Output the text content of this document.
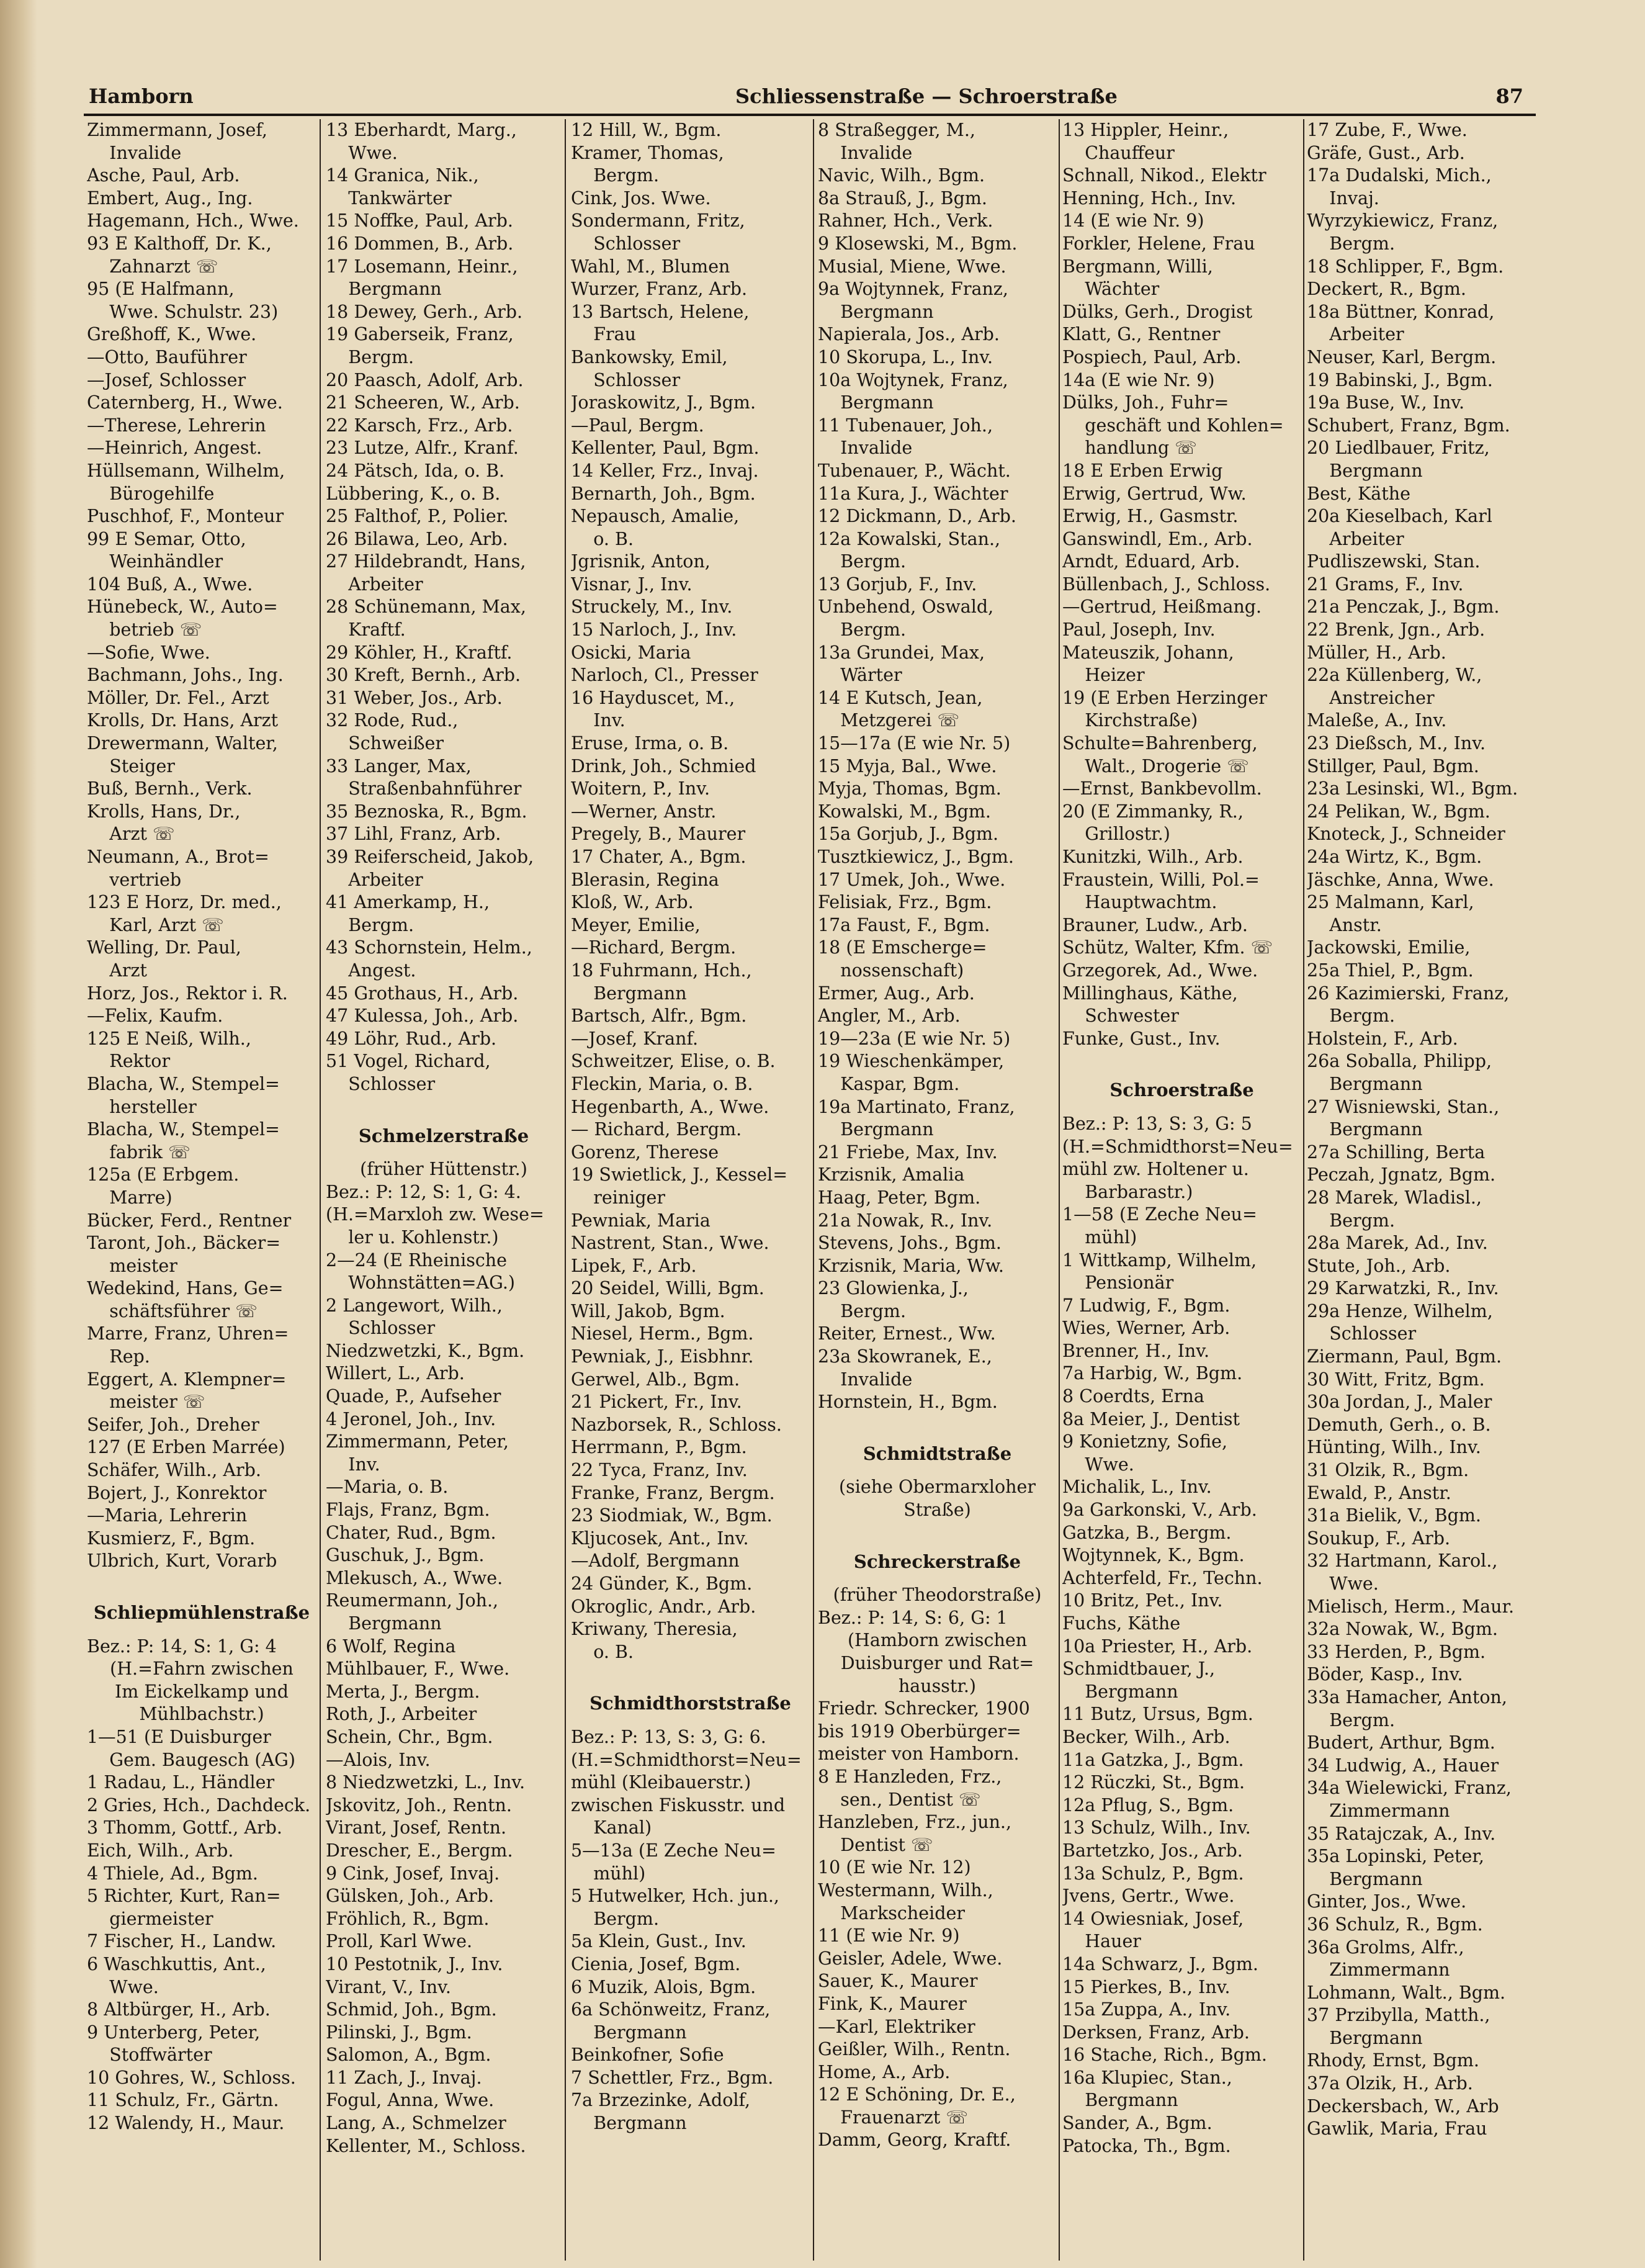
Hamborn	Schliessenstraße — Schroerstraße	87
Zimmermann, Josef,
Invalide
Asche, Paul, Arb.
Embert, Aug., Ing.
Hagemann, Hch., Wwe.
93 E Kalthoff, Dr. K.,
Zahnarzt ☏
95 (E Halfmann,
Wwe. Schulstr. 23)
Greßhoff, K., Wwe.
—Otto, Bauführer
—Josef, Schlosser
Caternberg, H., Wwe.
—Therese, Lehrerin
—Heinrich, Angest.
Hüllsemann, Wilhelm,
Bürogehilfe
Puschhof, F., Monteur
99 E Semar, Otto,
Weinhändler
104 Buß, A., Wwe.
Hünebeck, W., Auto=
betrieb ☏
—Sofie, Wwe.
Bachmann, Johs., Ing.
Möller, Dr. Fel., Arzt
Krolls, Dr. Hans, Arzt
Drewermann, Walter,
Steiger
Buß, Bernh., Verk.
Krolls, Hans, Dr.,
Arzt ☏
Neumann, A., Brot=
vertrieb
123 E Horz, Dr. med.,
Karl, Arzt ☏
Welling, Dr. Paul,
Arzt
Horz, Jos., Rektor i. R.
—Felix, Kaufm.
125 E Neiß, Wilh.,
Rektor
Blacha, W., Stempel=
hersteller
Blacha, W., Stempel=
fabrik ☏
125a (E Erbgem.
Marre)
Bücker, Ferd., Rentner
Taront, Joh., Bäcker=
meister
Wedekind, Hans, Ge=
schäftsführer ☏
Marre, Franz, Uhren=
Rep.
Eggert, A. Klempner=
meister ☏
Seifer, Joh., Dreher
127 (E Erben Marrée)
Schäfer, Wilh., Arb.
Bojert, J., Konrektor
—Maria, Lehrerin
Kusmierz, F., Bgm.
Ulbrich, Kurt, Vorarb
Schliepmühlenstraße
Bez.: P: 14, S: 1, G: 4
(H.=Fahrn zwischen
Im Eickelkamp und
Mühlbachstr.)
1—51 (E Duisburger
Gem. Baugesch (AG)
1 Radau, L., Händler
2 Gries, Hch., Dachdeck.
3 Thomm, Gottf., Arb.
Eich, Wilh., Arb.
4 Thiele, Ad., Bgm.
5 Richter, Kurt, Ran=
giermeister
7 Fischer, H., Landw.
6 Waschkuttis, Ant.,
Wwe.
8 Altbürger, H., Arb.
9 Unterberg, Peter,
Stoffwärter
10 Gohres, W., Schloss.
11 Schulz, Fr., Gärtn.
12 Walendy, H., Maur.
13 Eberhardt, Marg.,
Wwe.
14 Granica, Nik.,
Tankwärter
15 Noffke, Paul, Arb.
16 Dommen, B., Arb.
17 Losemann, Heinr.,
Bergmann
18 Dewey, Gerh., Arb.
19 Gaberseik, Franz,
Bergm.
20 Paasch, Adolf, Arb.
21 Scheeren, W., Arb.
22 Karsch, Frz., Arb.
23 Lutze, Alfr., Kranf.
24 Pätsch, Ida, o. B.
Lübbering, K., o. B.
25 Falthof, P., Polier.
26 Bilawa, Leo, Arb.
27 Hildebrandt, Hans,
Arbeiter
28 Schünemann, Max,
Kraftf.
29 Köhler, H., Kraftf.
30 Kreft, Bernh., Arb.
31 Weber, Jos., Arb.
32 Rode, Rud.,
Schweißer
33 Langer, Max,
Straßenbahnführer
35 Beznoska, R., Bgm.
37 Lihl, Franz, Arb.
39 Reiferscheid, Jakob,
Arbeiter
41 Amerkamp, H.,
Bergm.
43 Schornstein, Helm.,
Angest.
45 Grothaus, H., Arb.
47 Kulessa, Joh., Arb.
49 Löhr, Rud., Arb.
51 Vogel, Richard,
Schlosser
Schmelzerstraße
(früher Hüttenstr.)
Bez.: P: 12, S: 1, G: 4.
(H.=Marxloh zw. Wese=
ler u. Kohlenstr.)
2—24 (E Rheinische
Wohnstätten=AG.)
2 Langewort, Wilh.,
Schlosser
Niedzwetzki, K., Bgm.
Willert, L., Arb.
Quade, P., Aufseher
4 Jeronel, Joh., Inv.
Zimmermann, Peter,
Inv.
—Maria, o. B.
Flajs, Franz, Bgm.
Chater, Rud., Bgm.
Guschuk, J., Bgm.
Mlekusch, A., Wwe.
Reumermann, Joh.,
Bergmann
6 Wolf, Regina
Mühlbauer, F., Wwe.
Merta, J., Bergm.
Roth, J., Arbeiter
Schein, Chr., Bgm.
—Alois, Inv.
8 Niedzwetzki, L., Inv.
Jskovitz, Joh., Rentn.
Virant, Josef, Rentn.
Drescher, E., Bergm.
9 Cink, Josef, Invaj.
Gülsken, Joh., Arb.
Fröhlich, R., Bgm.
Proll, Karl Wwe.
10 Pestotnik, J., Inv.
Virant, V., Inv.
Schmid, Joh., Bgm.
Pilinski, J., Bgm.
Salomon, A., Bgm.
11 Zach, J., Invaj.
Fogul, Anna, Wwe.
Lang, A., Schmelzer
Kellenter, M., Schloss.
12 Hill, W., Bgm.
Kramer, Thomas,
Bergm.
Cink, Jos. Wwe.
Sondermann, Fritz,
Schlosser
Wahl, M., Blumen
Wurzer, Franz, Arb.
13 Bartsch, Helene,
Frau
Bankowsky, Emil,
Schlosser
Joraskowitz, J., Bgm.
—Paul, Bergm.
Kellenter, Paul, Bgm.
14 Keller, Frz., Invaj.
Bernarth, Joh., Bgm.
Nepausch, Amalie,
o. B.
Jgrisnik, Anton,
Visnar, J., Inv.
Struckely, M., Inv.
15 Narloch, J., Inv.
Osicki, Maria
Narloch, Cl., Presser
16 Hayduscet, M.,
Inv.
Eruse, Irma, o. B.
Drink, Joh., Schmied
Woitern, P., Inv.
—Werner, Anstr.
Pregely, B., Maurer
17 Chater, A., Bgm.
Blerasin, Regina
Kloß, W., Arb.
Meyer, Emilie,
—Richard, Bergm.
18 Fuhrmann, Hch.,
Bergmann
Bartsch, Alfr., Bgm.
—Josef, Kranf.
Schweitzer, Elise, o. B.
Fleckin, Maria, o. B.
Hegenbarth, A., Wwe.
— Richard, Bergm.
Gorenz, Therese
19 Swietlick, J., Kessel=
reiniger
Pewniak, Maria
Nastrent, Stan., Wwe.
Lipek, F., Arb.
20 Seidel, Willi, Bgm.
Will, Jakob, Bgm.
Niesel, Herm., Bgm.
Pewniak, J., Eisbhnr.
Gerwel, Alb., Bgm.
21 Pickert, Fr., Inv.
Nazborsek, R., Schloss.
Herrmann, P., Bgm.
22 Tyca, Franz, Inv.
Franke, Franz, Bergm.
23 Siodmiak, W., Bgm.
Kljucosek, Ant., Inv.
—Adolf, Bergmann
24 Günder, K., Bgm.
Okroglic, Andr., Arb.
Kriwany, Theresia,
o. B.
Schmidthorststraße
Bez.: P: 13, S: 3, G: 6.
(H.=Schmidthorst=Neu=
mühl (Kleibauerstr.)
zwischen Fiskusstr. und
Kanal)
5—13a (E Zeche Neu=
mühl)
5 Hutwelker, Hch. jun.,
Bergm.
5a Klein, Gust., Inv.
Cienia, Josef, Bgm.
6 Muzik, Alois, Bgm.
6a Schönweitz, Franz,
Bergmann
Beinkofner, Sofie
7 Schettler, Frz., Bgm.
7a Brzezinke, Adolf,
Bergmann
8 Straßegger, M.,
Invalide
Navic, Wilh., Bgm.
8a Strauß, J., Bgm.
Rahner, Hch., Verk.
9 Klosewski, M., Bgm.
Musial, Miene, Wwe.
9a Wojtynnek, Franz,
Bergmann
Napierala, Jos., Arb.
10 Skorupa, L., Inv.
10a Wojtynek, Franz,
Bergmann
11 Tubenauer, Joh.,
Invalide
Tubenauer, P., Wächt.
11a Kura, J., Wächter
12 Dickmann, D., Arb.
12a Kowalski, Stan.,
Bergm.
13 Gorjub, F., Inv.
Unbehend, Oswald,
Bergm.
13a Grundei, Max,
Wärter
14 E Kutsch, Jean,
Metzgerei ☏
15—17a (E wie Nr. 5)
15 Myja, Bal., Wwe.
Myja, Thomas, Bgm.
Kowalski, M., Bgm.
15a Gorjub, J., Bgm.
Tusztkiewicz, J., Bgm.
17 Umek, Joh., Wwe.
Felisiak, Frz., Bgm.
17a Faust, F., Bgm.
18 (E Emscherge=
nossenschaft)
Ermer, Aug., Arb.
Angler, M., Arb.
19—23a (E wie Nr. 5)
19 Wieschenkämper,
Kaspar, Bgm.
19a Martinato, Franz,
Bergmann
21 Friebe, Max, Inv.
Krzisnik, Amalia
Haag, Peter, Bgm.
21a Nowak, R., Inv.
Stevens, Johs., Bgm.
Krzisnik, Maria, Ww.
23 Glowienka, J.,
Bergm.
Reiter, Ernest., Ww.
23a Skowranek, E.,
Invalide
Hornstein, H., Bgm.
Schmidtstraße
(siehe Obermarxloher
Straße)
Schreckerstraße
(früher Theodorstraße)
Bez.: P: 14, S: 6, G: 1
(Hamborn zwischen
Duisburger und Rat=
hausstr.)
Friedr. Schrecker, 1900
bis 1919 Oberbürger=
meister von Hamborn.
8 E Hanzleden, Frz.,
sen., Dentist ☏
Hanzleben, Frz., jun.,
Dentist ☏
10 (E wie Nr. 12)
Westermann, Wilh.,
Markscheider
11 (E wie Nr. 9)
Geisler, Adele, Wwe.
Sauer, K., Maurer
Fink, K., Maurer
—Karl, Elektriker
Geißler, Wilh., Rentn.
Home, A., Arb.
12 E Schöning, Dr. E.,
Frauenarzt ☏
Damm, Georg, Kraftf.
13 Hippler, Heinr.,
Chauffeur
Schnall, Nikod., Elektr
Henning, Hch., Inv.
14 (E wie Nr. 9)
Forkler, Helene, Frau
Bergmann, Willi,
Wächter
Dülks, Gerh., Drogist
Klatt, G., Rentner
Pospiech, Paul, Arb.
14a (E wie Nr. 9)
Dülks, Joh., Fuhr=
geschäft und Kohlen=
handlung ☏
18 E Erben Erwig
Erwig, Gertrud, Ww.
Erwig, H., Gasmstr.
Ganswindl, Em., Arb.
Arndt, Eduard, Arb.
Büllenbach, J., Schloss.
—Gertrud, Heißmang.
Paul, Joseph, Inv.
Mateuszik, Johann,
Heizer
19 (E Erben Herzinger
Kirchstraße)
Schulte=Bahrenberg,
Walt., Drogerie ☏
—Ernst, Bankbevollm.
20 (E Zimmanky, R.,
Grillostr.)
Kunitzki, Wilh., Arb.
Fraustein, Willi, Pol.=
Hauptwachtm.
Brauner, Ludw., Arb.
Schütz, Walter, Kfm. ☏
Grzegorek, Ad., Wwe.
Millinghaus, Käthe,
Schwester
Funke, Gust., Inv.
Schroerstraße
Bez.: P: 13, S: 3, G: 5
(H.=Schmidthorst=Neu=
mühl zw. Holtener u.
Barbarastr.)
1—58 (E Zeche Neu=
mühl)
1 Wittkamp, Wilhelm,
Pensionär
7 Ludwig, F., Bgm.
Wies, Werner, Arb.
Brenner, H., Inv.
7a Harbig, W., Bgm.
8 Coerdts, Erna
8a Meier, J., Dentist
9 Konietzny, Sofie,
Wwe.
Michalik, L., Inv.
9a Garkonski, V., Arb.
Gatzka, B., Bergm.
Wojtynnek, K., Bgm.
Achterfeld, Fr., Techn.
10 Britz, Pet., Inv.
Fuchs, Käthe
10a Priester, H., Arb.
Schmidtbauer, J.,
Bergmann
11 Butz, Ursus, Bgm.
Becker, Wilh., Arb.
11a Gatzka, J., Bgm.
12 Rüczki, St., Bgm.
12a Pflug, S., Bgm.
13 Schulz, Wilh., Inv.
Bartetzko, Jos., Arb.
13a Schulz, P., Bgm.
Jvens, Gertr., Wwe.
14 Owiesniak, Josef,
Hauer
14a Schwarz, J., Bgm.
15 Pierkes, B., Inv.
15a Zuppa, A., Inv.
Derksen, Franz, Arb.
16 Stache, Rich., Bgm.
16a Klupiec, Stan.,
Bergmann
Sander, A., Bgm.
Patocka, Th., Bgm.
17 Zube, F., Wwe.
Gräfe, Gust., Arb.
17a Dudalski, Mich.,
Invaj.
Wyrzykiewicz, Franz,
Bergm.
18 Schlipper, F., Bgm.
Deckert, R., Bgm.
18a Büttner, Konrad,
Arbeiter
Neuser, Karl, Bergm.
19 Babinski, J., Bgm.
19a Buse, W., Inv.
Schubert, Franz, Bgm.
20 Liedlbauer, Fritz,
Bergmann
Best, Käthe
20a Kieselbach, Karl
Arbeiter
Pudliszewski, Stan.
21 Grams, F., Inv.
21a Penczak, J., Bgm.
22 Brenk, Jgn., Arb.
Müller, H., Arb.
22a Küllenberg, W.,
Anstreicher
Maleße, A., Inv.
23 Dießsch, M., Inv.
Stillger, Paul, Bgm.
23a Lesinski, Wl., Bgm.
24 Pelikan, W., Bgm.
Knoteck, J., Schneider
24a Wirtz, K., Bgm.
Jäschke, Anna, Wwe.
25 Malmann, Karl,
Anstr.
Jackowski, Emilie,
25a Thiel, P., Bgm.
26 Kazimierski, Franz,
Bergm.
Holstein, F., Arb.
26a Soballa, Philipp,
Bergmann
27 Wisniewski, Stan.,
Bergmann
27a Schilling, Berta
Peczah, Jgnatz, Bgm.
28 Marek, Wladisl.,
Bergm.
28a Marek, Ad., Inv.
Stute, Joh., Arb.
29 Karwatzki, R., Inv.
29a Henze, Wilhelm,
Schlosser
Ziermann, Paul, Bgm.
30 Witt, Fritz, Bgm.
30a Jordan, J., Maler
Demuth, Gerh., o. B.
Hünting, Wilh., Inv.
31 Olzik, R., Bgm.
Ewald, P., Anstr.
31a Bielik, V., Bgm.
Soukup, F., Arb.
32 Hartmann, Karol.,
Wwe.
Mielisch, Herm., Maur.
32a Nowak, W., Bgm.
33 Herden, P., Bgm.
Böder, Kasp., Inv.
33a Hamacher, Anton,
Bergm.
Budert, Arthur, Bgm.
34 Ludwig, A., Hauer
34a Wielewicki, Franz,
Zimmermann
35 Ratajczak, A., Inv.
35a Lopinski, Peter,
Bergmann
Ginter, Jos., Wwe.
36 Schulz, R., Bgm.
36a Grolms, Alfr.,
Zimmermann
Lohmann, Walt., Bgm.
37 Przibylla, Matth.,
Bergmann
Rhody, Ernst, Bgm.
37a Olzik, H., Arb.
Deckersbach, W., Arb
Gawlik, Maria, Frau
